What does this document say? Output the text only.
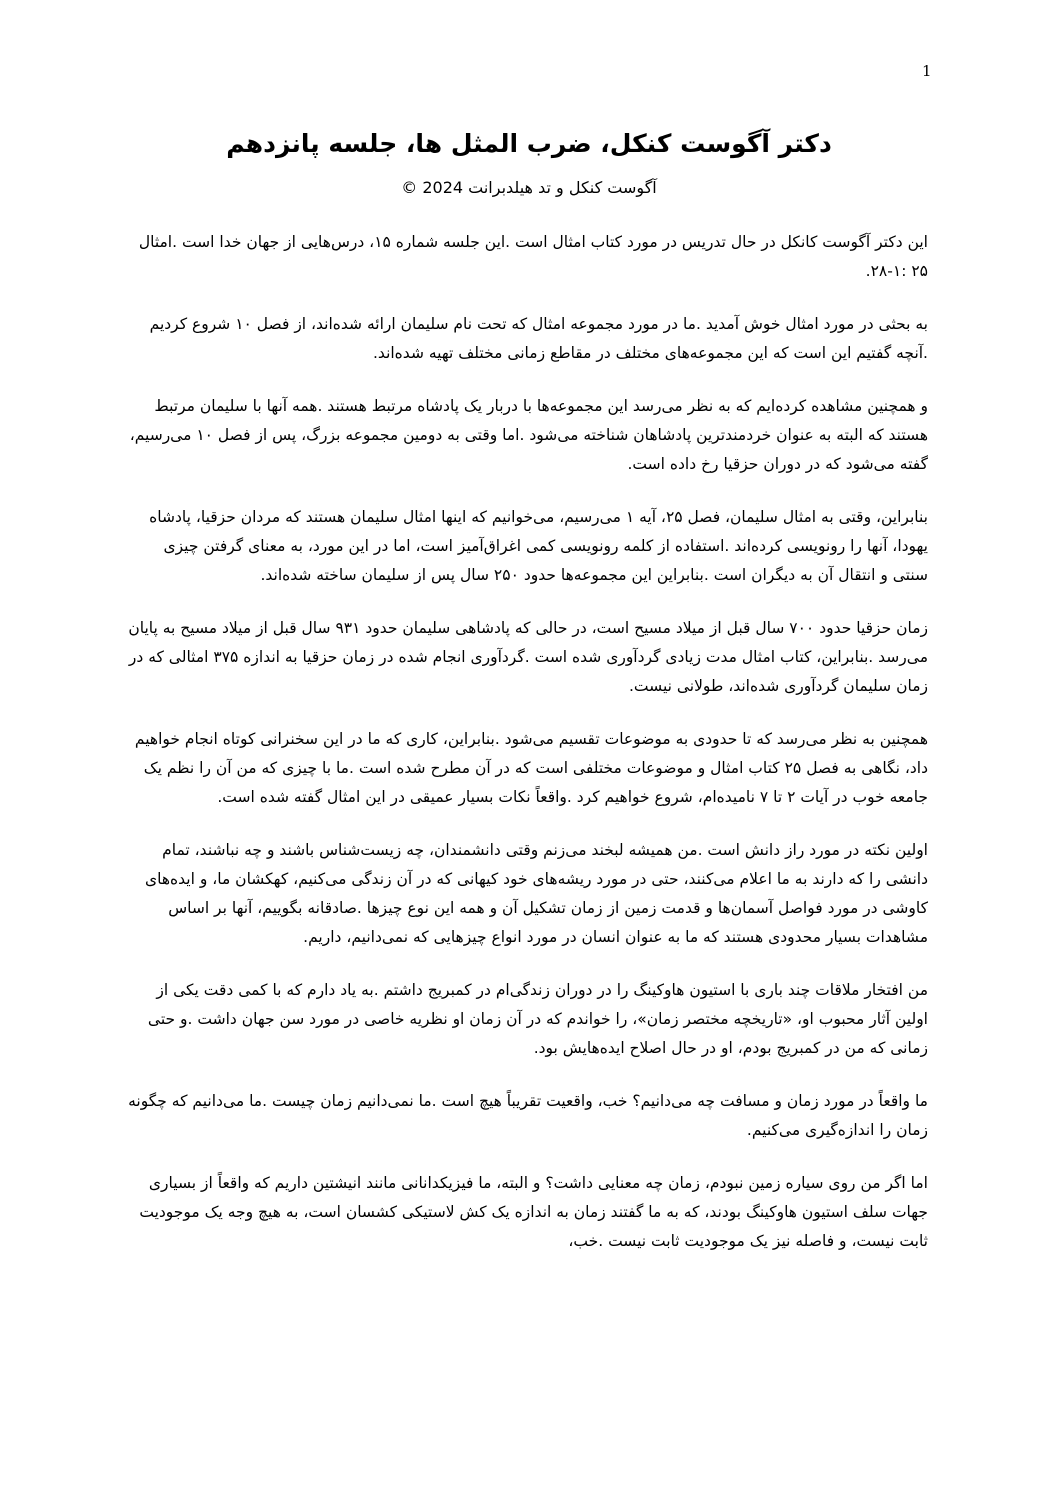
1
دکتر آگوست کنکل، ضرب المثل ها، جلسه پانزدهم
آگوست کنکل و تد هیلدبرانت 2024 ©

این دکتر آگوست کانکل در حال تدریس در مورد کتاب امثال است .این جلسه شماره ۱۵، درس‌هایی از جهان خدا است .امثال ۲۵ :۱-۲۸.

به بحثی در مورد امثال خوش آمدید .ما در مورد مجموعه امثال که تحت نام سلیمان ارائه شده‌اند، از فصل ۱۰ شروع کردیم .آنچه گفتیم این است که این مجموعه‌های مختلف در مقاطع زمانی مختلف تهیه شده‌اند.

و همچنین مشاهده کرده‌ایم که به نظر می‌رسد این مجموعه‌ها با دربار یک پادشاه مرتبط هستند .همه آنها با سلیمان مرتبط هستند که البته به عنوان خردمندترین پادشاهان شناخته می‌شود .اما وقتی به دومین مجموعه بزرگ، پس از فصل ۱۰ می‌رسیم، گفته می‌شود که در دوران حزقیا رخ داده است.

بنابراین، وقتی به امثال سلیمان، فصل ۲۵، آیه ۱ می‌رسیم، می‌خوانیم که اینها امثال سلیمان هستند که مردان حزقیا، پادشاه یهودا، آنها را رونویسی کرده‌اند .استفاده از کلمه رونویسی کمی اغراق‌آمیز است، اما در این مورد، به معنای گرفتن چیزی سنتی و انتقال آن به دیگران است .بنابراین این مجموعه‌ها حدود ۲۵۰ سال پس از سلیمان ساخته شده‌اند.

زمان حزقیا حدود ۷۰۰ سال قبل از میلاد مسیح است، در حالی که پادشاهی سلیمان حدود ۹۳۱ سال قبل از میلاد مسیح به پایان می‌رسد .بنابراین، کتاب امثال مدت زیادی گردآوری شده است .گردآوری انجام شده در زمان حزقیا به اندازه ۳۷۵ امثالی که در زمان سلیمان گردآوری شده‌اند، طولانی نیست.

همچنین به نظر می‌رسد که تا حدودی به موضوعات تقسیم می‌شود .بنابراین، کاری که ما در این سخنرانی کوتاه انجام خواهیم داد، نگاهی به فصل ۲۵ کتاب امثال و موضوعات مختلفی است که در آن مطرح شده است .ما با چیزی که من آن را نظم یک جامعه خوب در آیات ۲ تا ۷ نامیده‌ام، شروع خواهیم کرد .واقعاً نکات بسیار عمیقی در این امثال گفته شده است.

اولین نکته در مورد راز دانش است .من همیشه لبخند می‌زنم وقتی دانشمندان، چه زیست‌شناس باشند و چه نباشند، تمام دانشی را که دارند به ما اعلام می‌کنند، حتی در مورد ریشه‌های خود کیهانی که در آن زندگی می‌کنیم، کهکشان ما، و ایده‌های کاوشی در مورد فواصل آسمان‌ها و قدمت زمین از زمان تشکیل آن و همه این نوع چیزها .صادقانه بگوییم، آنها بر اساس مشاهدات بسیار محدودی هستند که ما به عنوان انسان در مورد انواع چیزهایی که نمی‌دانیم، داریم.

من افتخار ملاقات چند باری با استیون هاوکینگ را در دوران زندگی‌ام در کمبریج داشتم .به یاد دارم که با کمی دقت یکی از اولین آثار محبوب او، «تاریخچه مختصر زمان»، را خواندم که در آن زمان او نظریه خاصی در مورد سن جهان داشت .و حتی زمانی که من در کمبریج بودم، او در حال اصلاح ایده‌هایش بود.

ما واقعاً در مورد زمان و مسافت چه می‌دانیم؟ خب، واقعیت تقریباً هیچ است .ما نمی‌دانیم زمان چیست .ما می‌دانیم که چگونه زمان را اندازه‌گیری می‌کنیم.

اما اگر من روی سیاره زمین نبودم، زمان چه معنایی داشت؟ و البته، ما فیزیکدانانی مانند انیشتین داریم که واقعاً از بسیاری جهات سلف استیون هاوکینگ بودند، که به ما گفتند زمان به اندازه یک کش لاستیکی کشسان است، به هیچ وجه یک موجودیت ثابت نیست، و فاصله نیز یک موجودیت ثابت نیست .خب،
